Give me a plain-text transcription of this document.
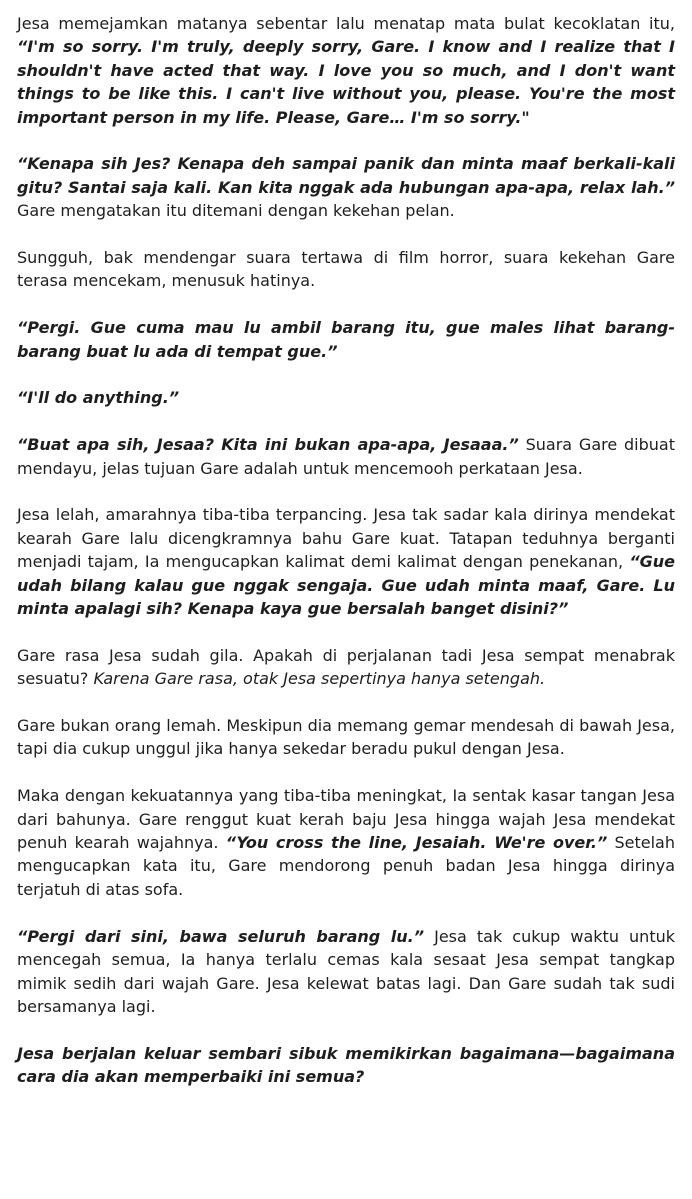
Jesa memejamkan matanya sebentar lalu menatap mata bulat kecoklatan itu, “I'm so sorry. I'm truly, deeply sorry, Gare. I know and I realize that I shouldn't have acted that way. I love you so much, and I don't want things to be like this. I can't live without you, please. You're the most important person in my life. Please, Gare… I'm so sorry."

“Kenapa sih Jes? Kenapa deh sampai panik dan minta maaf berkali-kali gitu? Santai saja kali. Kan kita nggak ada hubungan apa-apa, relax lah.” Gare mengatakan itu ditemani dengan kekehan pelan.

Sungguh, bak mendengar suara tertawa di film horror, suara kekehan Gare terasa mencekam, menusuk hatinya.

“Pergi. Gue cuma mau lu ambil barang itu, gue males lihat barang-barang buat lu ada di tempat gue.”

“I'll do anything.”

“Buat apa sih, Jesaa? Kita ini bukan apa-apa, Jesaaa.” Suara Gare dibuat mendayu, jelas tujuan Gare adalah untuk mencemooh perkataan Jesa.

Jesa lelah, amarahnya tiba-tiba terpancing. Jesa tak sadar kala dirinya mendekat kearah Gare lalu dicengkramnya bahu Gare kuat. Tatapan teduhnya berganti menjadi tajam, Ia mengucapkan kalimat demi kalimat dengan penekanan, “Gue udah bilang kalau gue nggak sengaja. Gue udah minta maaf, Gare. Lu minta apalagi sih? Kenapa kaya gue bersalah banget disini?”

Gare rasa Jesa sudah gila. Apakah di perjalanan tadi Jesa sempat menabrak sesuatu? Karena Gare rasa, otak Jesa sepertinya hanya setengah.

Gare bukan orang lemah. Meskipun dia memang gemar mendesah di bawah Jesa, tapi dia cukup unggul jika hanya sekedar beradu pukul dengan Jesa.

Maka dengan kekuatannya yang tiba-tiba meningkat, Ia sentak kasar tangan Jesa dari bahunya. Gare renggut kuat kerah baju Jesa hingga wajah Jesa mendekat penuh kearah wajahnya. “You cross the line, Jesaiah. We're over.” Setelah mengucapkan kata itu, Gare mendorong penuh badan Jesa hingga dirinya terjatuh di atas sofa.

“Pergi dari sini, bawa seluruh barang lu.” Jesa tak cukup waktu untuk mencegah semua, Ia hanya terlalu cemas kala sesaat Jesa sempat tangkap mimik sedih dari wajah Gare. Jesa kelewat batas lagi. Dan Gare sudah tak sudi bersamanya lagi.

Jesa berjalan keluar sembari sibuk memikirkan bagaimana—bagaimana cara dia akan memperbaiki ini semua?
